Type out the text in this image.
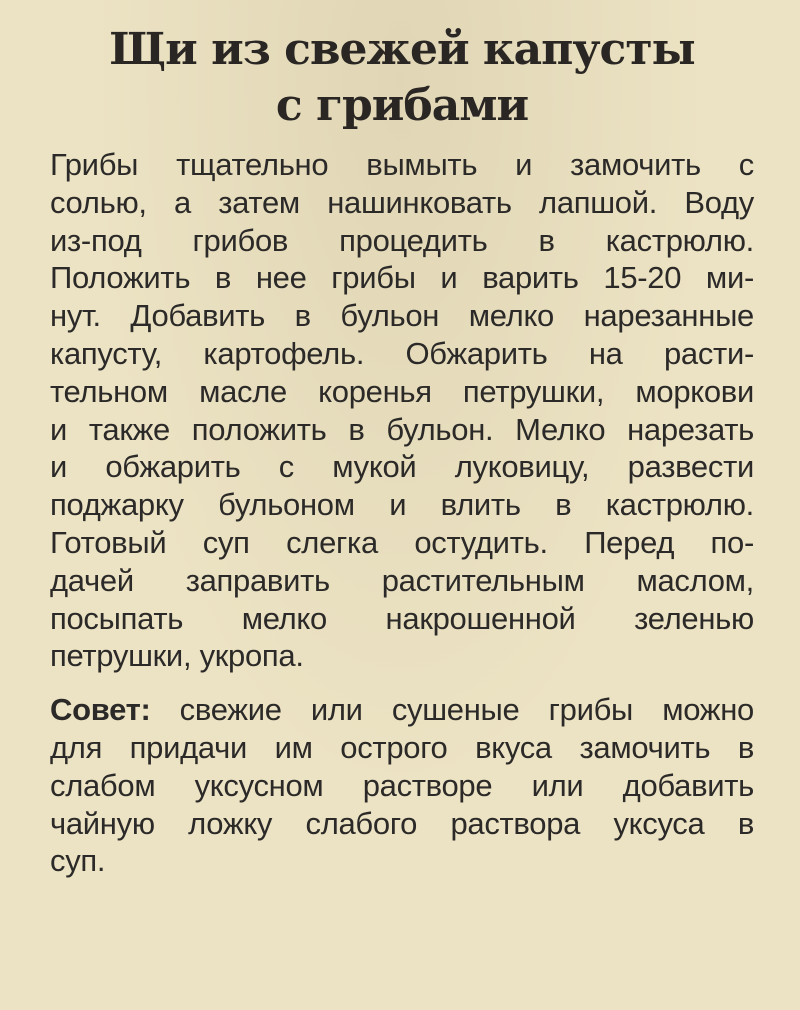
Щи из свежей капусты
с грибами
Грибы тщательно вымыть и замочить с
солью, а затем нашинковать лапшой. Воду
из-под грибов процедить в кастрюлю.
Положить в нее грибы и варить 15-20 ми-
нут. Добавить в бульон мелко нарезанные
капусту, картофель. Обжарить на расти-
тельном масле коренья петрушки, моркови
и также положить в бульон. Мелко нарезать
и обжарить с мукой луковицу, развести
поджарку бульоном и влить в кастрюлю.
Готовый суп слегка остудить. Перед по-
дачей заправить растительным маслом,
посыпать мелко накрошенной зеленью
петрушки, укропа.
Совет: свежие или сушеные грибы можно
для придачи им острого вкуса замочить в
слабом уксусном растворе или добавить
чайную ложку слабого раствора уксуса в
суп.
